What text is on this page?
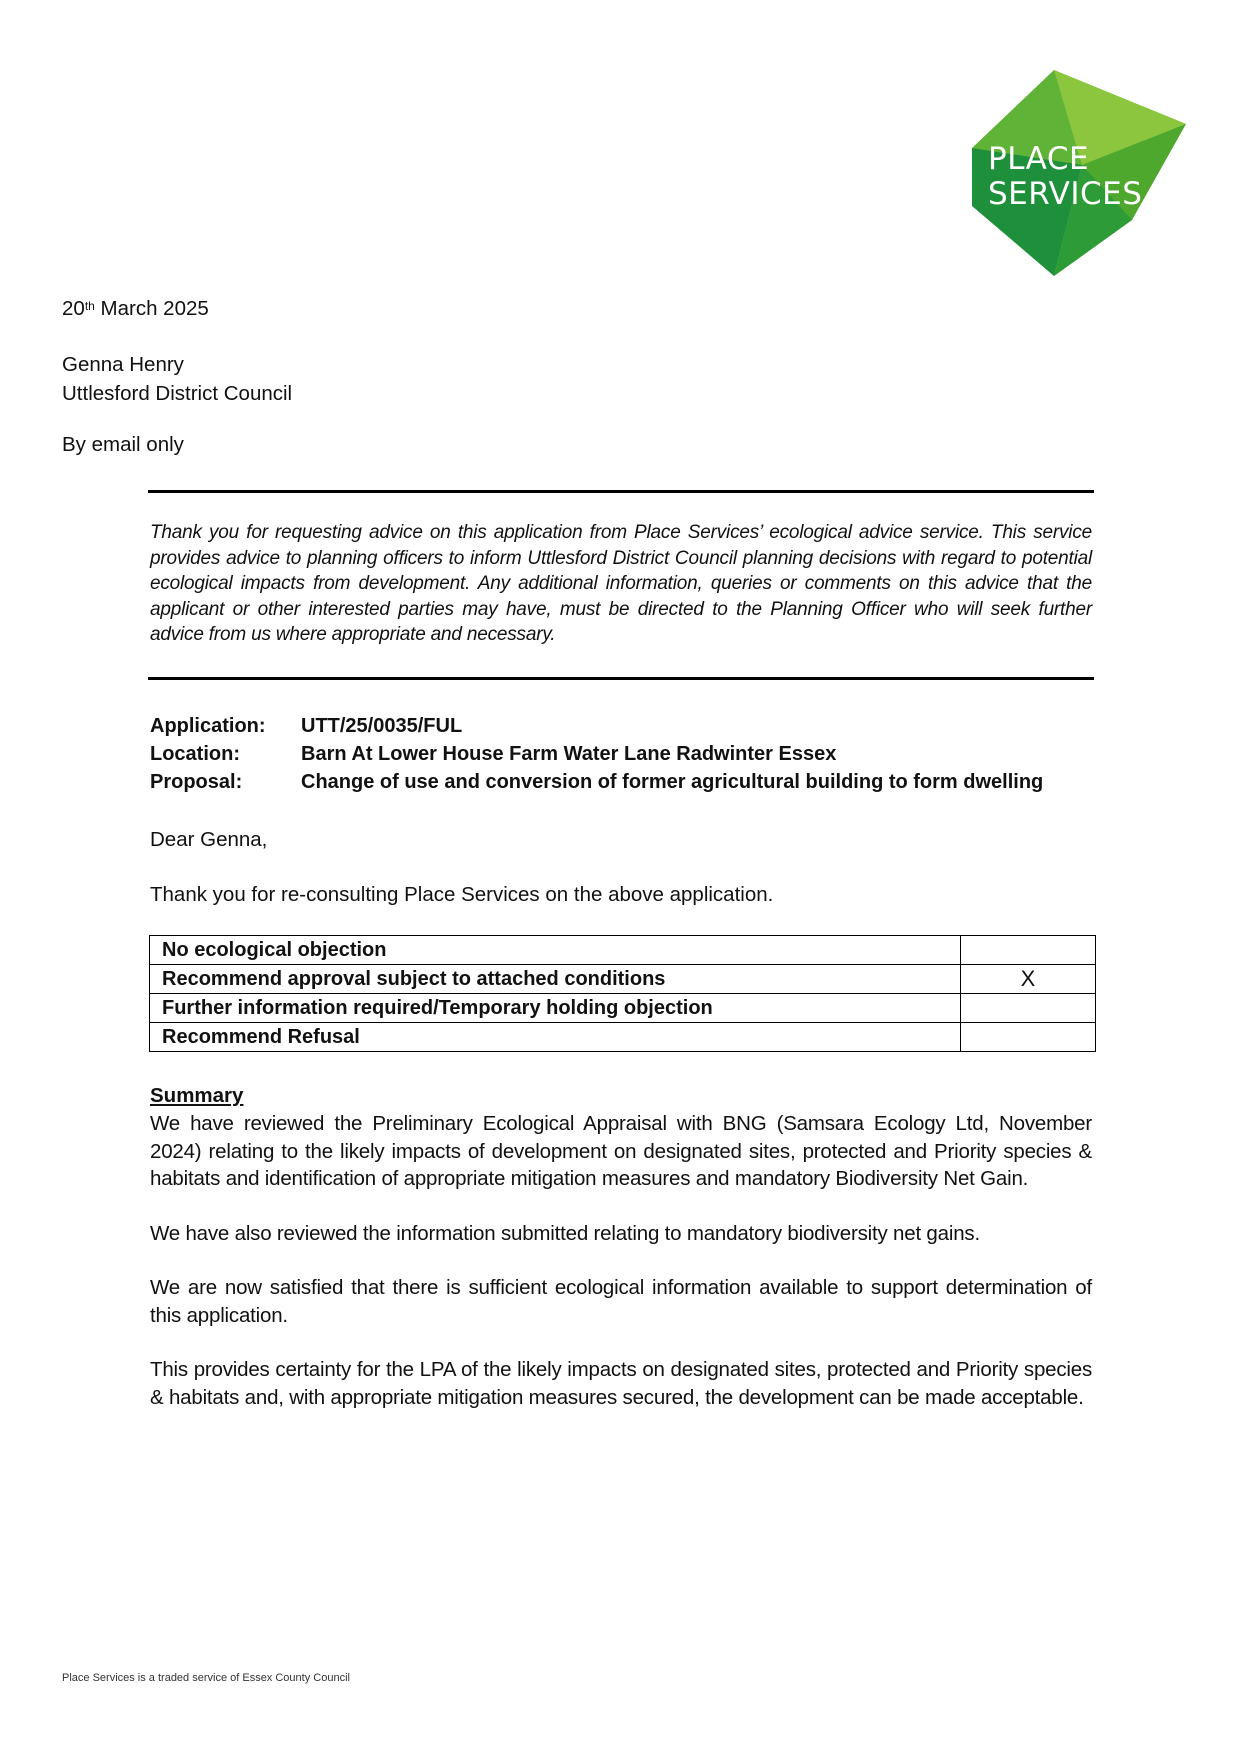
PLACE
SERVICES
20th March 2025
Genna Henry
Uttlesford District Council
By email only
Thank you for requesting advice on this application from Place Services’ ecological advice service. This service provides advice to planning officers to inform Uttlesford District Council planning decisions with regard to potential ecological impacts from development. Any additional information, queries or comments on this advice that the applicant or other interested parties may have, must be directed to the Planning Officer who will seek further advice from us where appropriate and necessary.
Application:	UTT/25/0035/FUL
Location:	Barn At Lower House Farm Water Lane Radwinter Essex
Proposal:	Change of use and conversion of former agricultural building to form dwelling
Dear Genna,
Thank you for re-consulting Place Services on the above application.
No ecological objection	
Recommend approval subject to attached conditions	X
Further information required/Temporary holding objection	
Recommend Refusal	
Summary
We have reviewed the Preliminary Ecological Appraisal with BNG (Samsara Ecology Ltd, November 2024) relating to the likely impacts of development on designated sites, protected and Priority species & habitats and identification of appropriate mitigation measures and mandatory Biodiversity Net Gain.
We have also reviewed the information submitted relating to mandatory biodiversity net gains.
We are now satisfied that there is sufficient ecological information available to support determination of this application.
This provides certainty for the LPA of the likely impacts on designated sites, protected and Priority species & habitats and, with appropriate mitigation measures secured, the development can be made acceptable.
Place Services is a traded service of Essex County Council
